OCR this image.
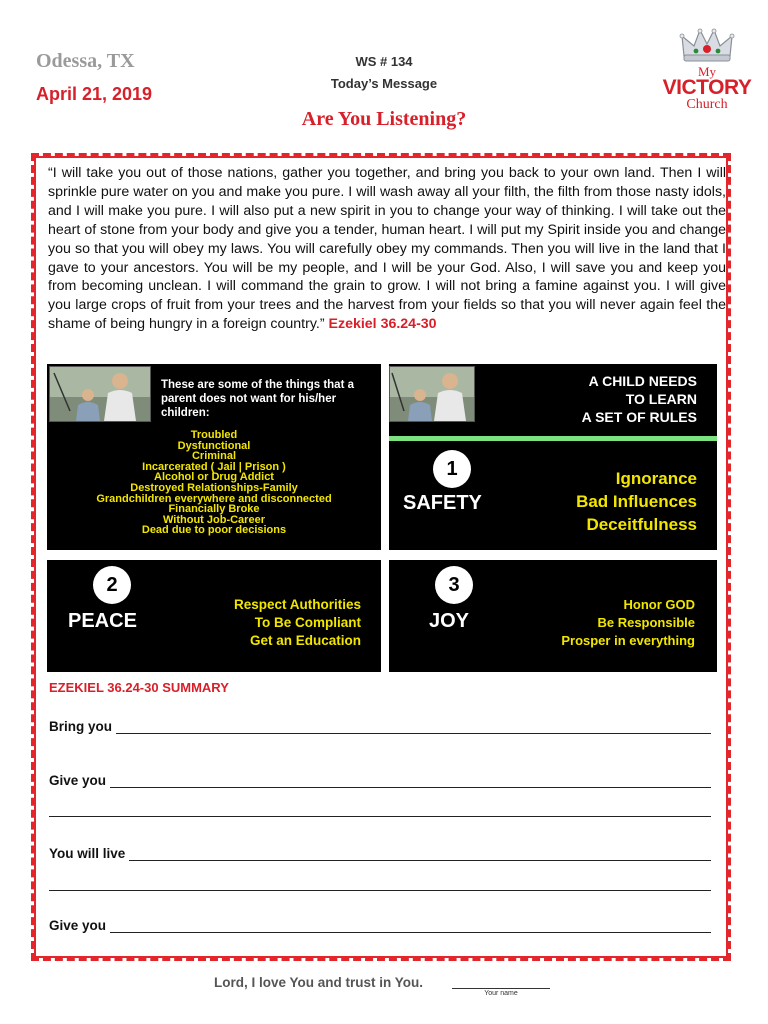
Odessa, TX
April 21, 2019
WS # 134
Today’s Message
Are You Listening?
My
VICTORY
Church
“I will take you out of those nations, gather you together, and bring you back to your own land. Then I will sprinkle pure water on you and make you pure. I will wash away all your filth, the filth from those nasty idols, and I will make you pure. I will also put a new spirit in you to change your way of thinking. I will take out the heart of stone from your body and give you a tender, human heart. I will put my Spirit inside you and change you so that you will obey my laws. You will carefully obey my commands. Then you will live in the land that I gave to your ancestors. You will be my people, and I will be your God. Also, I will save you and keep you from becoming unclean. I will command the grain to grow. I will not bring a famine against you. I will give you large crops of fruit from your trees and the harvest from your fields so that you will never again feel the shame of being hungry in a foreign country.” Ezekiel 36.24-30
These are some of the things that a parent does not want for his/her children:
Troubled
Dysfunctional
Criminal
Incarcerated ( Jail | Prison )
Alcohol or Drug Addict
Destroyed Relationships-Family
Grandchildren everywhere and disconnected
Financially Broke
Without Job-Career
Dead due to poor decisions
A CHILD NEEDS
TO LEARN
A SET OF RULES
1
SAFETY
Ignorance
Bad Influences
Deceitfulness
2
PEACE
Respect Authorities
To Be Compliant
Get an Education
3
JOY
Honor GOD
Be Responsible
Prosper in everything
EZEKIEL 36.24-30 SUMMARY
Bring you
Give you
You will live
Give you
Lord, I love You and trust in You.
Your name
